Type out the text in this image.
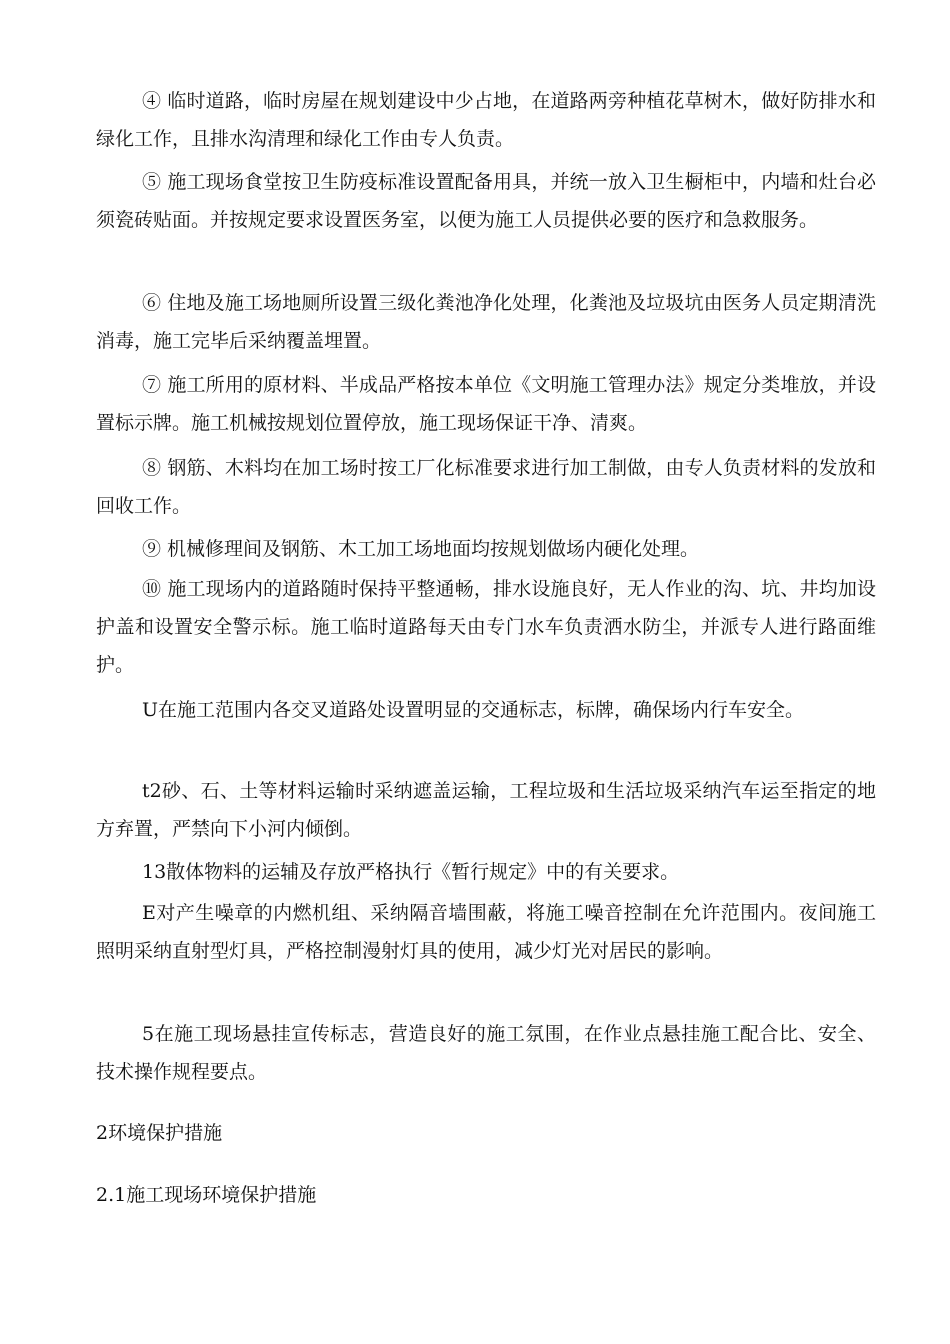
④ 临时道路，临时房屋在规划建设中少占地，在道路两旁种植花草树木，做好防排水和绿化工作，且排水沟清理和绿化工作由专人负责。

⑤ 施工现场食堂按卫生防疫标准设置配备用具，并统一放入卫生橱柜中，内墙和灶台必须瓷砖贴面。并按规定要求设置医务室，以便为施工人员提供必要的医疗和急救服务。

⑥ 住地及施工场地厕所设置三级化粪池净化处理，化粪池及垃圾坑由医务人员定期清洗消毒，施工完毕后采纳覆盖埋置。

⑦ 施工所用的原材料、半成品严格按本单位《文明施工管理办法》规定分类堆放，并设置标示牌。施工机械按规划位置停放，施工现场保证干净、清爽。

⑧ 钢筋、木料均在加工场时按工厂化标准要求进行加工制做，由专人负责材料的发放和回收工作。

⑨ 机械修理间及钢筋、木工加工场地面均按规划做场内硬化处理。

⑩ 施工现场内的道路随时保持平整通畅，排水设施良好，无人作业的沟、坑、井均加设护盖和设置安全警示标。施工临时道路每天由专门水车负责洒水防尘，并派专人进行路面维护。

U在施工范围内各交叉道路处设置明显的交通标志，标牌，确保场内行车安全。

t2砂、石、土等材料运输时采纳遮盖运输，工程垃圾和生活垃圾采纳汽车运至指定的地方弃置，严禁向下小河内倾倒。

13散体物料的运辅及存放严格执行《暂行规定》中的有关要求。

E对产生噪章的内燃机组、采纳隔音墙围蔽，将施工噪音控制在允许范围内。夜间施工照明采纳直射型灯具，严格控制漫射灯具的使用，减少灯光对居民的影响。

5在施工现场悬挂宣传标志，营造良好的施工氛围，在作业点悬挂施工配合比、安全、技术操作规程要点。

2环境保护措施

2.1施工现场环境保护措施
